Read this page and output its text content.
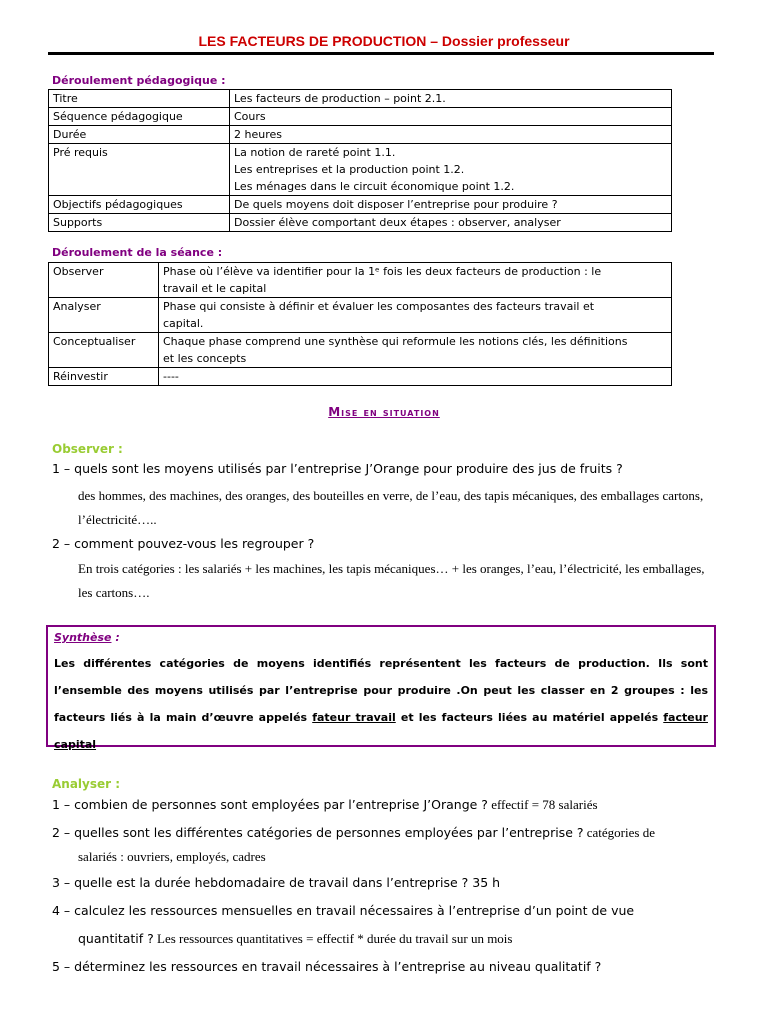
LES FACTEURS DE PRODUCTION – Dossier professeur
Déroulement pédagogique :
Titre	Les facteurs de production – point 2.1.

Séquence pédagogique	Cours

Durée	2 heures

Pré requis	La notion de rareté point 1.1.
Les entreprises et la production point 1.2.
Les ménages dans le circuit économique point 1.2.

Objectifs pédagogiques	De quels moyens doit disposer l’entreprise pour produire ?

Supports	Dossier élève comportant deux étapes : observer, analyser
Déroulement de la séance :
Observer	Phase où l’élève va identifier pour la 1ᵉ fois les deux facteurs de production : le
travail et le capital

Analyser	Phase qui consiste à définir et évaluer les composantes des facteurs travail et
capital.

Conceptualiser	Chaque phase comprend une synthèse qui reformule les notions clés, les définitions
et les concepts

Réinvestir	----
Mise en situation
Observer :
1 – quels sont les moyens utilisés par l’entreprise J’Orange pour produire des jus de fruits ?
des hommes, des machines, des oranges, des bouteilles en verre, de l’eau, des tapis mécaniques, des emballages cartons, l’électricité…..
2 – comment pouvez-vous les regrouper ?
En trois catégories : les salariés + les machines, les tapis mécaniques… + les oranges, l’eau, l’électricité, les emballages, les cartons….
Synthèse :
Les différentes catégories de moyens identifiés représentent les facteurs de production. Ils sont l’ensemble des moyens utilisés par l’entreprise pour produire .On peut les classer en 2 groupes : les facteurs liés à la main d’œuvre appelés fateur travail et les facteurs liées au matériel appelés facteur capital
Analyser :
1 – combien de personnes sont employées par l’entreprise J’Orange ? effectif = 78 salariés
2 – quelles sont les différentes catégories de personnes employées par l’entreprise ? catégories de
salariés : ouvriers, employés, cadres
3 – quelle est la durée hebdomadaire de travail dans l’entreprise ? 35 h
4 – calculez les ressources mensuelles en travail nécessaires à l’entreprise d’un point de vue
quantitatif ? Les ressources quantitatives = effectif * durée du travail sur un mois
5 – déterminez les ressources en travail nécessaires à l’entreprise au niveau qualitatif ?
